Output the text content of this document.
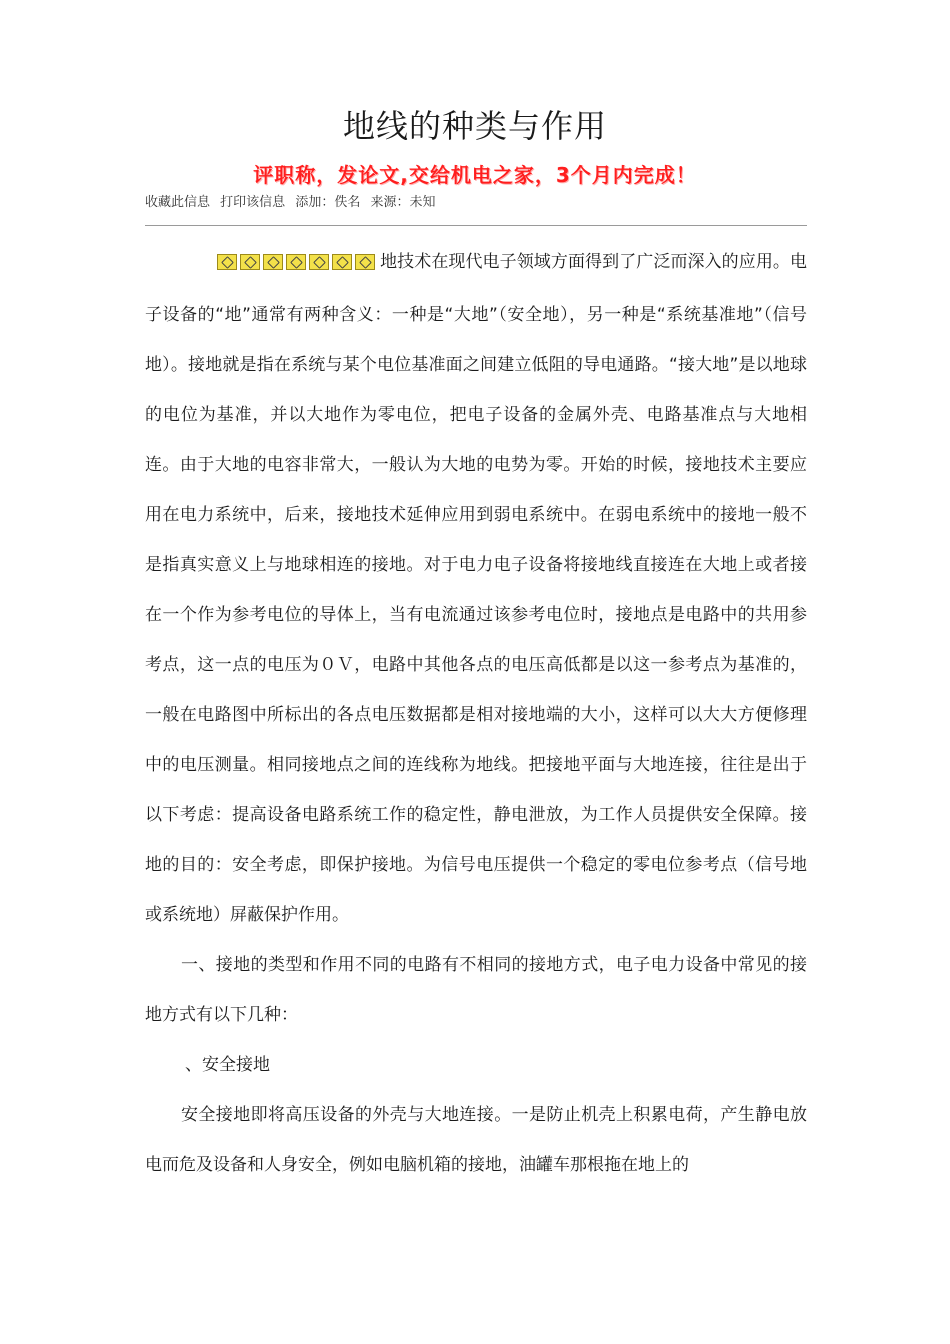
地线的种类与作用
评职称，发论文,交给机电之家，3个月内完成！
收藏此信息 打印该信息 添加：佚名 来源：未知

地技术在现代电子领域方面得到了广泛而深入的应用。电子设备的“地”通常有两种含义：一种是“大地”（安全地），另一种是“系统基准地”（信号地）。接地就是指在系统与某个电位基准面之间建立低阻的导电通路。“接大地”是以地球的电位为基准，并以大地作为零电位，把电子设备的金属外壳、电路基准点与大地相连。由于大地的电容非常大，一般认为大地的电势为零。开始的时候，接地技术主要应用在电力系统中，后来，接地技术延伸应用到弱电系统中。在弱电系统中的接地一般不是指真实意义上与地球相连的接地。对于电力电子设备将接地线直接连在大地上或者接在一个作为参考电位的导体上，当有电流通过该参考电位时，接地点是电路中的共用参考点，这一点的电压为０Ｖ，电路中其他各点的电压高低都是以这一参考点为基准的，一般在电路图中所标出的各点电压数据都是相对接地端的大小，这样可以大大方便修理中的电压测量。相同接地点之间的连线称为地线。把接地平面与大地连接，往往是出于以下考虑：提高设备电路系统工作的稳定性，静电泄放，为工作人员提供安全保障。接地的目的：安全考虑，即保护接地。为信号电压提供一个稳定的零电位参考点（信号地或系统地）屏蔽保护作用。

一、接地的类型和作用不同的电路有不相同的接地方式，电子电力设备中常见的接地方式有以下几种：

、安全接地

安全接地即将高压设备的外壳与大地连接。一是防止机壳上积累电荷，产生静电放电而危及设备和人身安全，例如电脑机箱的接地，油罐车那根拖在地上的
